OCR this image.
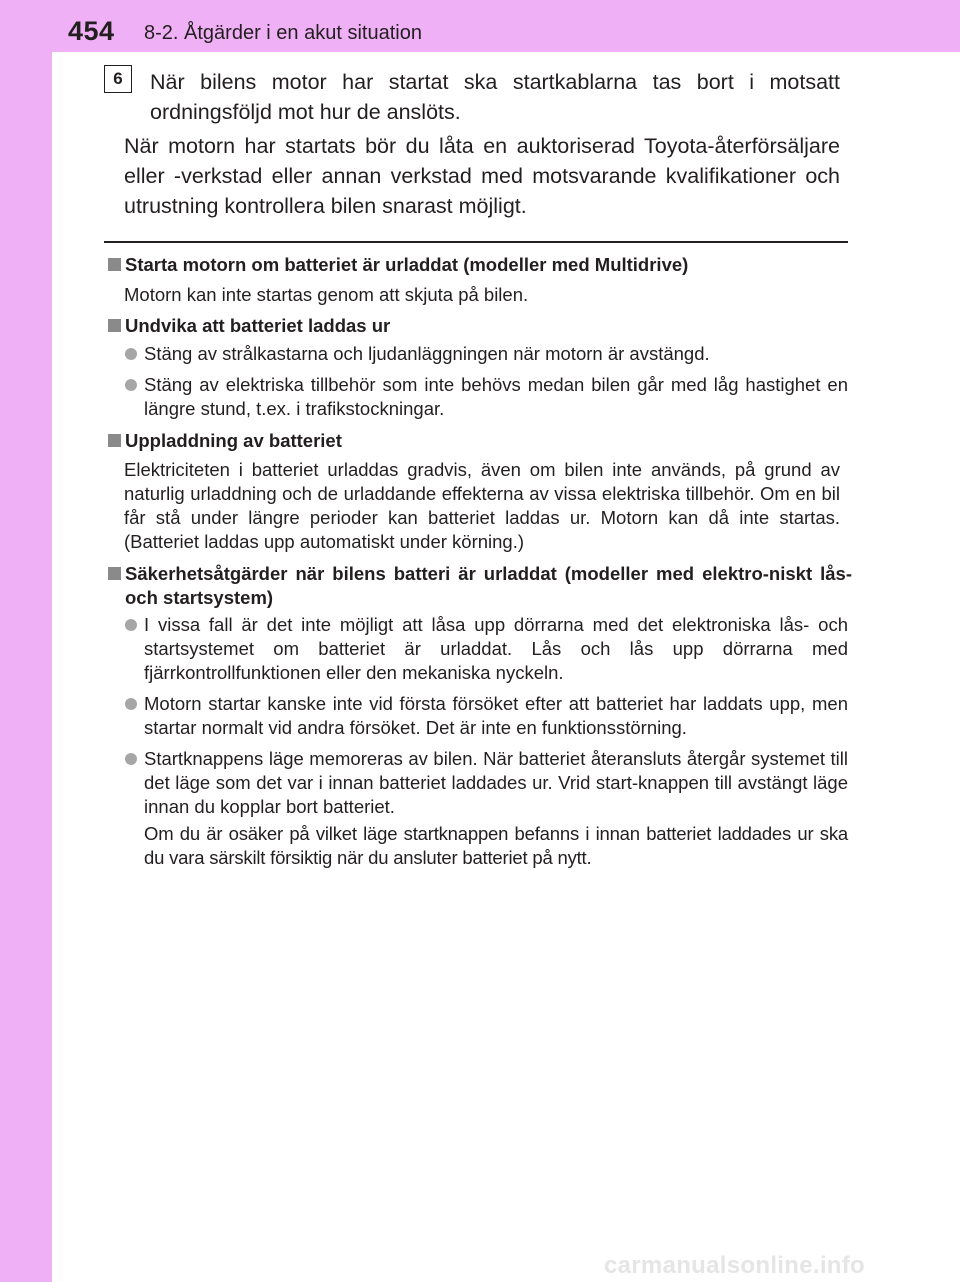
454 8-2. Åtgärder i en akut situation
6	När bilens motor har startat ska startkablarna tas bort i motsatt ordningsföljd mot hur de anslöts.
När motorn har startats bör du låta en auktoriserad Toyota-återförsäljare eller -verkstad eller annan verkstad med motsvarande kvalifikationer och utrustning kontrollera bilen snarast möjligt.
Starta motorn om batteriet är urladdat (modeller med Multidrive)
Motorn kan inte startas genom att skjuta på bilen.
Undvika att batteriet laddas ur
Stäng av strålkastarna och ljudanläggningen när motorn är avstängd.
Stäng av elektriska tillbehör som inte behövs medan bilen går med låg hastighet en längre stund, t.ex. i trafikstockningar.
Uppladdning av batteriet
Elektriciteten i batteriet urladdas gradvis, även om bilen inte används, på grund av naturlig urladdning och de urladdande effekterna av vissa elektriska tillbehör. Om en bil får stå under längre perioder kan batteriet laddas ur. Motorn kan då inte startas. (Batteriet laddas upp automatiskt under körning.)
Säkerhetsåtgärder när bilens batteri är urladdat (modeller med elektro-niskt lås- och startsystem)
I vissa fall är det inte möjligt att låsa upp dörrarna med det elektroniska lås- och startsystemet om batteriet är urladdat. Lås och lås upp dörrarna med fjärrkontrollfunktionen eller den mekaniska nyckeln.
Motorn startar kanske inte vid första försöket efter att batteriet har laddats upp, men startar normalt vid andra försöket. Det är inte en funktionsstörning.
Startknappens läge memoreras av bilen. När batteriet återansluts återgår systemet till det läge som det var i innan batteriet laddades ur. Vrid start-knappen till avstängt läge innan du kopplar bort batteriet.
Om du är osäker på vilket läge startknappen befanns i innan batteriet laddades ur ska du vara särskilt försiktig när du ansluter batteriet på nytt.
carmanualsonline.info
